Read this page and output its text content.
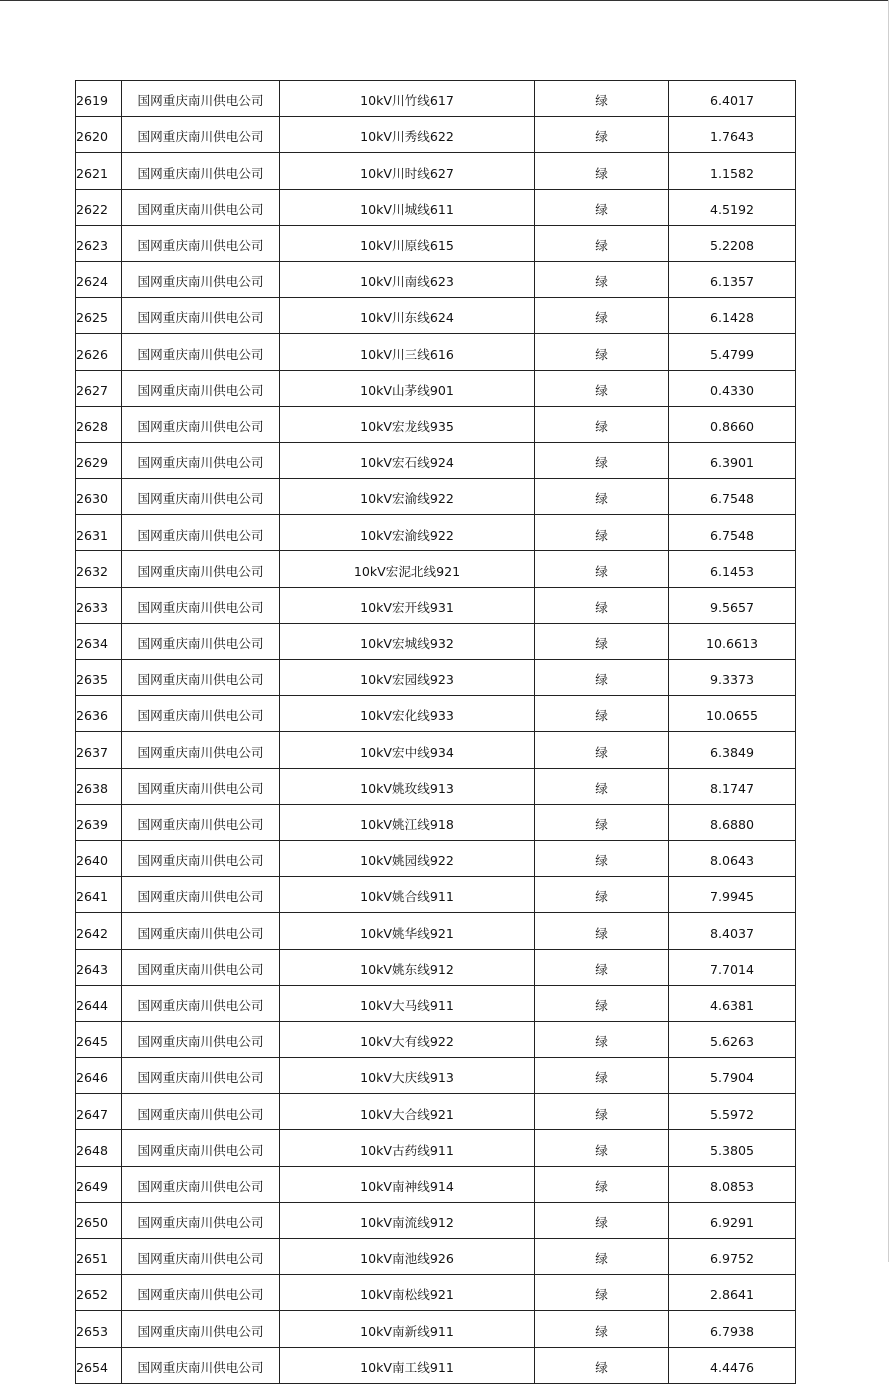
2619	国网重庆南川供电公司	10kV川竹线617	绿	6.4017
2620	国网重庆南川供电公司	10kV川秀线622	绿	1.7643
2621	国网重庆南川供电公司	10kV川时线627	绿	1.1582
2622	国网重庆南川供电公司	10kV川城线611	绿	4.5192
2623	国网重庆南川供电公司	10kV川原线615	绿	5.2208
2624	国网重庆南川供电公司	10kV川南线623	绿	6.1357
2625	国网重庆南川供电公司	10kV川东线624	绿	6.1428
2626	国网重庆南川供电公司	10kV川三线616	绿	5.4799
2627	国网重庆南川供电公司	10kV山茅线901	绿	0.4330
2628	国网重庆南川供电公司	10kV宏龙线935	绿	0.8660
2629	国网重庆南川供电公司	10kV宏石线924	绿	6.3901
2630	国网重庆南川供电公司	10kV宏渝线922	绿	6.7548
2631	国网重庆南川供电公司	10kV宏渝线922	绿	6.7548
2632	国网重庆南川供电公司	10kV宏泥北线921	绿	6.1453
2633	国网重庆南川供电公司	10kV宏开线931	绿	9.5657
2634	国网重庆南川供电公司	10kV宏城线932	绿	10.6613
2635	国网重庆南川供电公司	10kV宏园线923	绿	9.3373
2636	国网重庆南川供电公司	10kV宏化线933	绿	10.0655
2637	国网重庆南川供电公司	10kV宏中线934	绿	6.3849
2638	国网重庆南川供电公司	10kV姚玫线913	绿	8.1747
2639	国网重庆南川供电公司	10kV姚江线918	绿	8.6880
2640	国网重庆南川供电公司	10kV姚园线922	绿	8.0643
2641	国网重庆南川供电公司	10kV姚合线911	绿	7.9945
2642	国网重庆南川供电公司	10kV姚华线921	绿	8.4037
2643	国网重庆南川供电公司	10kV姚东线912	绿	7.7014
2644	国网重庆南川供电公司	10kV大马线911	绿	4.6381
2645	国网重庆南川供电公司	10kV大有线922	绿	5.6263
2646	国网重庆南川供电公司	10kV大庆线913	绿	5.7904
2647	国网重庆南川供电公司	10kV大合线921	绿	5.5972
2648	国网重庆南川供电公司	10kV古药线911	绿	5.3805
2649	国网重庆南川供电公司	10kV南神线914	绿	8.0853
2650	国网重庆南川供电公司	10kV南流线912	绿	6.9291
2651	国网重庆南川供电公司	10kV南池线926	绿	6.9752
2652	国网重庆南川供电公司	10kV南松线921	绿	2.8641
2653	国网重庆南川供电公司	10kV南新线911	绿	6.7938
2654	国网重庆南川供电公司	10kV南工线911	绿	4.4476
